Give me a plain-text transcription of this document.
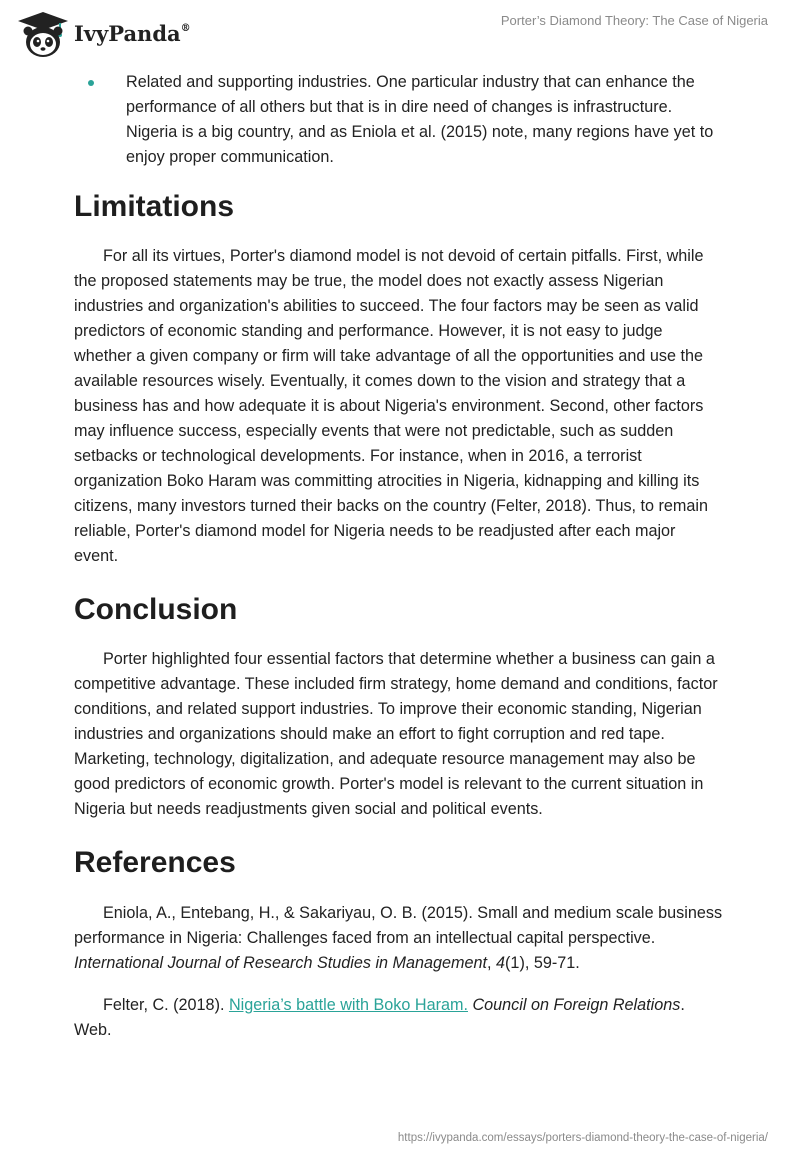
IvyPanda®	Porter’s Diamond Theory: The Case of Nigeria
Related and supporting industries. One particular industry that can enhance the performance of all others but that is in dire need of changes is infrastructure. Nigeria is a big country, and as Eniola et al. (2015) note, many regions have yet to enjoy proper communication.
Limitations

For all its virtues, Porter's diamond model is not devoid of certain pitfalls. First, while the proposed statements may be true, the model does not exactly assess Nigerian industries and organization's abilities to succeed. The four factors may be seen as valid predictors of economic standing and performance. However, it is not easy to judge whether a given company or firm will take advantage of all the opportunities and use the available resources wisely. Eventually, it comes down to the vision and strategy that a business has and how adequate it is about Nigeria's environment. Second, other factors may influence success, especially events that were not predictable, such as sudden setbacks or technological developments. For instance, when in 2016, a terrorist organization Boko Haram was committing atrocities in Nigeria, kidnapping and killing its citizens, many investors turned their backs on the country (Felter, 2018). Thus, to remain reliable, Porter's diamond model for Nigeria needs to be readjusted after each major event.

Conclusion

Porter highlighted four essential factors that determine whether a business can gain a competitive advantage. These included firm strategy, home demand and conditions, factor conditions, and related support industries. To improve their economic standing, Nigerian industries and organizations should make an effort to fight corruption and red tape. Marketing, technology, digitalization, and adequate resource management may also be good predictors of economic growth. Porter's model is relevant to the current situation in Nigeria but needs readjustments given social and political events.

References

Eniola, A., Entebang, H., & Sakariyau, O. B. (2015). Small and medium scale business performance in Nigeria: Challenges faced from an intellectual capital perspective. International Journal of Research Studies in Management, 4(1), 59-71.

Felter, C. (2018). Nigeria’s battle with Boko Haram. Council on Foreign Relations. Web.

https://ivypanda.com/essays/porters-diamond-theory-the-case-of-nigeria/
